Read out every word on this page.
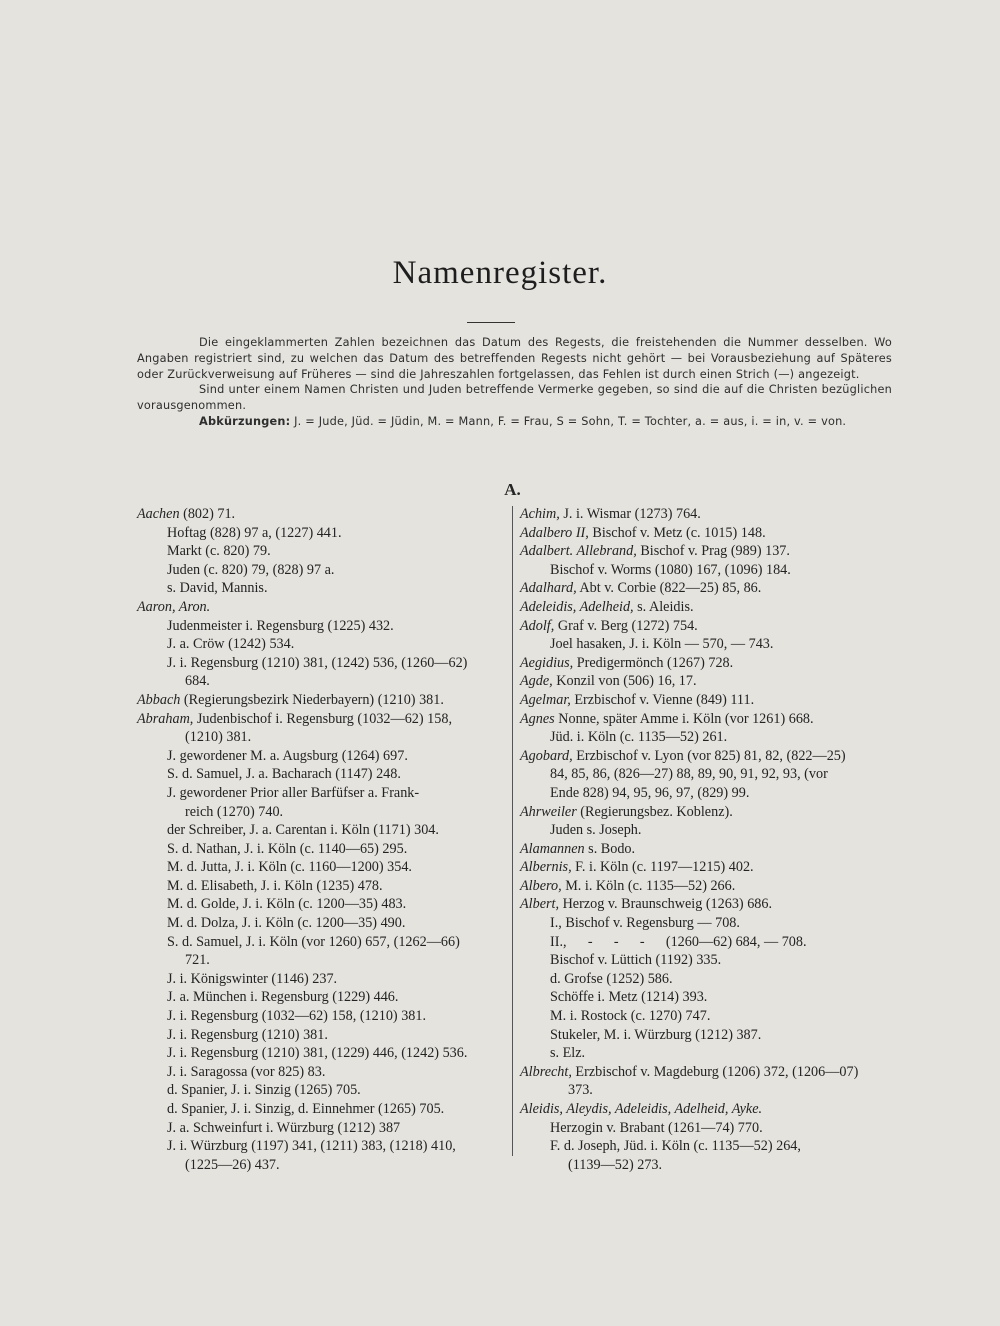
Namenregister.
Die eingeklammerten Zahlen bezeichnen das Datum des Regests, die freistehenden die Nummer desselben. Wo Angaben registriert sind, zu welchen das Datum des betreffenden Regests nicht gehört — bei Vorausbeziehung auf Späteres oder Zurückverweisung auf Früheres — sind die Jahreszahlen fortgelassen, das Fehlen ist durch einen Strich (—) angezeigt.
Sind unter einem Namen Christen und Juden betreffende Vermerke gegeben, so sind die auf die Christen bezüglichen vorausgenommen.
Abkürzungen: J. = Jude, Jüd. = Jüdin, M. = Mann, F. = Frau, S = Sohn, T. = Tochter, a. = aus, i. = in, v. = von.
A.
Aachen (802) 71.
Hoftag (828) 97 a, (1227) 441.
Markt (c. 820) 79.
Juden (c. 820) 79, (828) 97 a.
s. David, Mannis.
Aaron, Aron.
Judenmeister i. Regensburg (1225) 432.
J. a. Cröw (1242) 534.
J. i. Regensburg (1210) 381, (1242) 536, (1260—62)
684.
Abbach (Regierungsbezirk Niederbayern) (1210) 381.
Abraham, Judenbischof i. Regensburg (1032—62) 158,
(1210) 381.
J. gewordener M. a. Augsburg (1264) 697.
S. d. Samuel, J. a. Bacharach (1147) 248.
J. gewordener Prior aller Barfüfser a. Frank-
reich (1270) 740.
der Schreiber, J. a. Carentan i. Köln (1171) 304.
S. d. Nathan, J. i. Köln (c. 1140—65) 295.
M. d. Jutta, J. i. Köln (c. 1160—1200) 354.
M. d. Elisabeth, J. i. Köln (1235) 478.
M. d. Golde, J. i. Köln (c. 1200—35) 483.
M. d. Dolza, J. i. Köln (c. 1200—35) 490.
S. d. Samuel, J. i. Köln (vor 1260) 657, (1262—66)
721.
J. i. Königswinter (1146) 237.
J. a. München i. Regensburg (1229) 446.
J. i. Regensburg (1032—62) 158, (1210) 381.
J. i. Regensburg (1210) 381.
J. i. Regensburg (1210) 381, (1229) 446, (1242) 536.
J. i. Saragossa (vor 825) 83.
d. Spanier, J. i. Sinzig (1265) 705.
d. Spanier, J. i. Sinzig, d. Einnehmer (1265) 705.
J. a. Schweinfurt i. Würzburg (1212) 387
J. i. Würzburg (1197) 341, (1211) 383, (1218) 410,
(1225—26) 437.
Achim, J. i. Wismar (1273) 764.
Adalbero II, Bischof v. Metz (c. 1015) 148.
Adalbert. Allebrand, Bischof v. Prag (989) 137.
Bischof v. Worms (1080) 167, (1096) 184.
Adalhard, Abt v. Corbie (822—25) 85, 86.
Adeleidis, Adelheid, s. Aleidis.
Adolf, Graf v. Berg (1272) 754.
Joel hasaken, J. i. Köln — 570, — 743.
Aegidius, Predigermönch (1267) 728.
Agde, Konzil von (506) 16, 17.
Agelmar, Erzbischof v. Vienne (849) 111.
Agnes Nonne, später Amme i. Köln (vor 1261) 668.
Jüd. i. Köln (c. 1135—52) 261.
Agobard, Erzbischof v. Lyon (vor 825) 81, 82, (822—25)
84, 85, 86, (826—27) 88, 89, 90, 91, 92, 93, (vor
Ende 828) 94, 95, 96, 97, (829) 99.
Ahrweiler (Regierungsbez. Koblenz).
Juden s. Joseph.
Alamannen s. Bodo.
Albernis, F. i. Köln (c. 1197—1215) 402.
Albero, M. i. Köln (c. 1135—52) 266.
Albert, Herzog v. Braunschweig (1263) 686.
I., Bischof v. Regensburg — 708.
II.,      -      -      -      (1260—62) 684, — 708.
Bischof v. Lüttich (1192) 335.
d. Grofse (1252) 586.
Schöffe i. Metz (1214) 393.
M. i. Rostock (c. 1270) 747.
Stukeler, M. i. Würzburg (1212) 387.
s. Elz.
Albrecht, Erzbischof v. Magdeburg (1206) 372, (1206—07)
373.
Aleidis, Aleydis, Adeleidis, Adelheid, Ayke.
Herzogin v. Brabant (1261—74) 770.
F. d. Joseph, Jüd. i. Köln (c. 1135—52) 264,
(1139—52) 273.
